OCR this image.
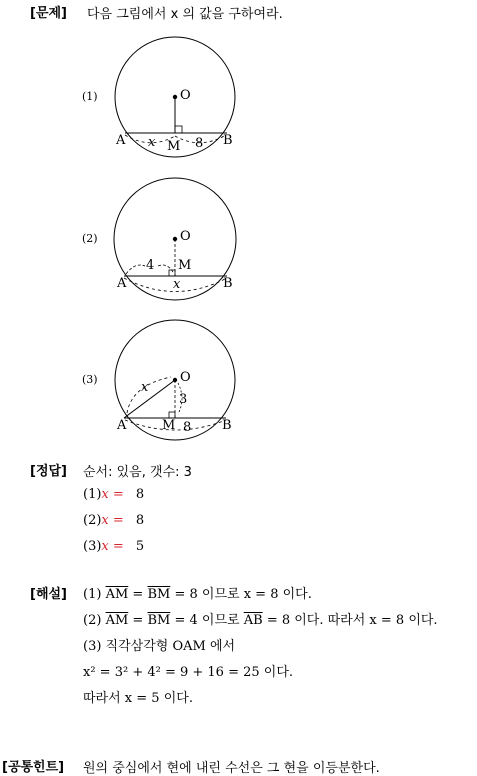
[문제] 다음 그림에서 x 의 값을 구하여라.
(1)	O
A	B
M
x	8
(2)	O
A	B
M
4
x
(3)	O
A	B
M
x
3
8
[정답] 순서: 있음, 갯수: 3
(1)x = 8
(2)x = 8
(3)x = 5
[해설] (1) $\overline{AM} = \overline{BM} = 8$ 이므로 x = 8 이다.
(2) $\overline{AM} = \overline{BM} = 4$ 이므로 $\overline{AB} = 8$ 이다. 따라서 x = 8 이다.
(3) 직각삼각형 OAM 에서
x² = 3² + 4² = 9 + 16 = 25 이다.
따라서 x = 5 이다.
[공통힌트] 원의 중심에서 현에 내린 수선은 그 현을 이등분한다.
